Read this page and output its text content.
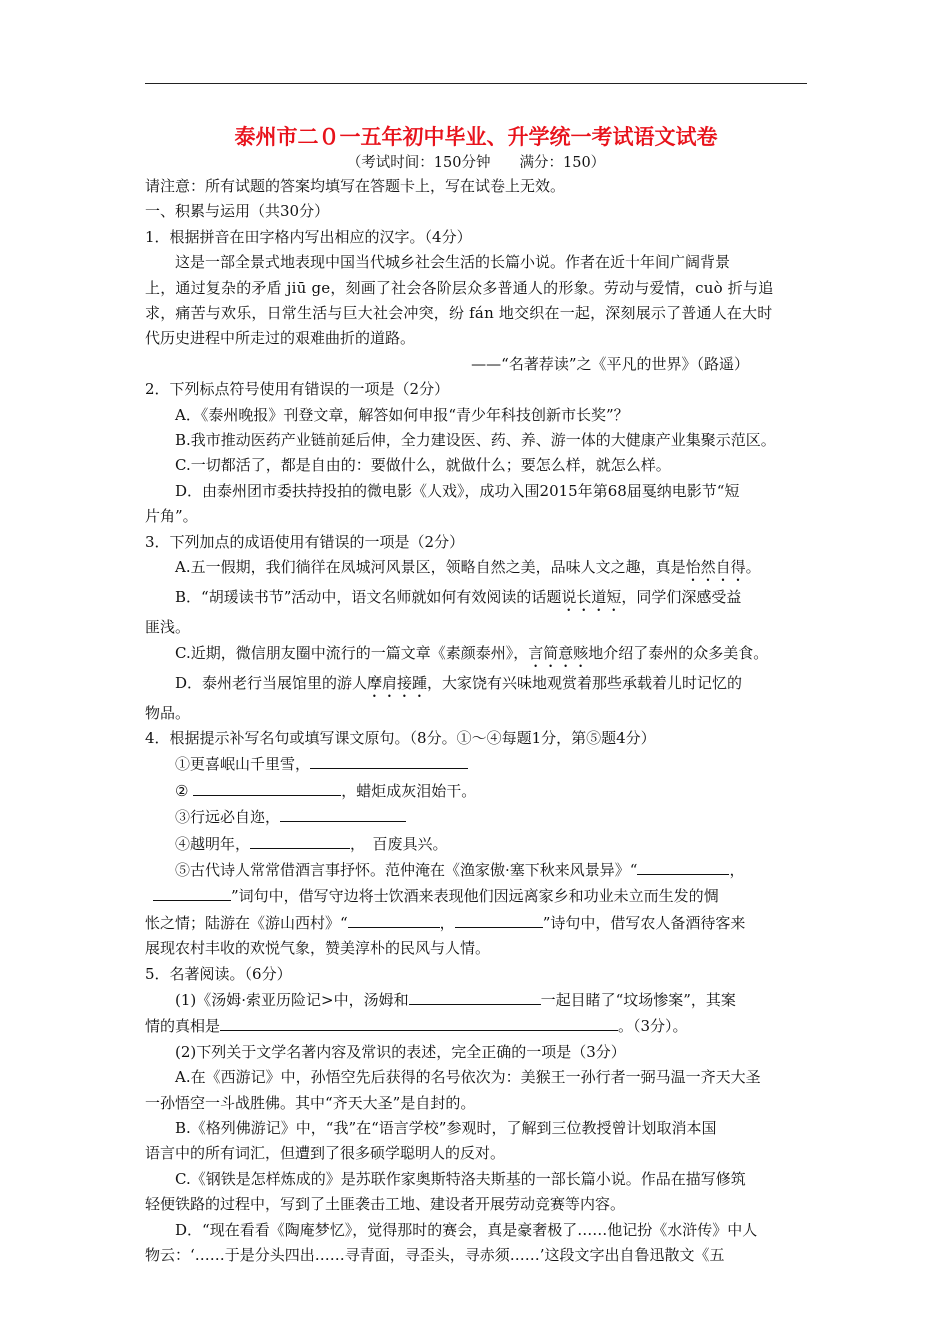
泰州市二０一五年初中毕业、升学统一考试语文试卷
（考试时间：150分钟　　满分：150）

请注意：所有试题的答案均填写在答题卡上，写在试卷上无效。

一、积累与运用（共30分）

1．根据拼音在田字格内写出相应的汉字。（4分）

这是一部全景式地表现中国当代城乡社会生活的长篇小说。作者在近十年间广阔背景

上，通过复杂的矛盾 jiū ge，刻画了社会各阶层众多普通人的形象。劳动与爱情，cuò 折与追

求，痛苦与欢乐，日常生活与巨大社会冲突，纷 fán 地交织在一起，深刻展示了普通人在大时

代历史进程中所走过的艰难曲折的道路。

——“名著荐读”之《平凡的世界》（路遥）

2．下列标点符号使用有错误的一项是（2分）

A．《泰州晚报》刊登文章，解答如何申报“青少年科技创新市长奖”？

B.我市推动医药产业链前延后伸，全力建设医、药、养、游一体的大健康产业集聚示范区。

C.一切都活了，都是自由的：要做什么，就做什么；要怎么样，就怎么样。

D．由泰州团市委扶持投拍的微电影《人戏》，成功入围2015年第68届戛纳电影节“短

片角”。

3．下列加点的成语使用有错误的一项是（2分）

A.五一假期，我们徜徉在凤城河风景区，领略自然之美，品味人文之趣，真是怡然自得。

B．“胡瑗读书节”活动中，语文名师就如何有效阅读的话题说长道短，同学们深感受益

匪浅。

C.近期，微信朋友圈中流行的一篇文章《素颜泰州》，言简意赅地介绍了泰州的众多美食。

D．泰州老行当展馆里的游人摩肩接踵，大家饶有兴味地观赏着那些承载着儿时记忆的

物品。

4．根据提示补写名句或填写课文原句。（8分。①～④每题1分，第⑤题4分）

①更喜岷山千里雪，

②	，蜡炬成灰泪始干。

③行远必自迩，

④越明年，	，　百废具兴。

⑤古代诗人常常借酒言事抒怀。范仲淹在《渔家傲·塞下秋来风景异》“	，

”词句中，借写守边将士饮酒来表现他们因远离家乡和功业未立而生发的惆

怅之情；陆游在《游山西村》“	，	”诗句中，借写农人备酒待客来

展现农村丰收的欢悦气象，赞美淳朴的民风与人情。

5．名著阅读。（6分）

(1)《汤姆·索亚历险记>中，汤姆和	一起目睹了“坟场惨案”，其案

情的真相是	。（3分）。

(2)下列关于文学名著内容及常识的表述，完全正确的一项是（3分）

A.在《西游记》中，孙悟空先后获得的名号依次为：美猴王一孙行者一弼马温一齐天大圣

一孙悟空一斗战胜佛。其中“齐天大圣”是自封的。

B.《格列佛游记》中，“我”在“语言学校”参观时，了解到三位教授曾计划取消本国

语言中的所有词汇，但遭到了很多硕学聪明人的反对。

C.《钢铁是怎样炼成的》是苏联作家奥斯特洛夫斯基的一部长篇小说。作品在描写修筑

轻便铁路的过程中，写到了土匪袭击工地、建设者开展劳动竞赛等内容。

D．“现在看看《陶庵梦忆》，觉得那时的赛会，真是豪奢极了……他记扮《水浒传》中人

物云：‘……于是分头四出……寻青面，寻歪头，寻赤须……’这段文字出自鲁迅散文《五
